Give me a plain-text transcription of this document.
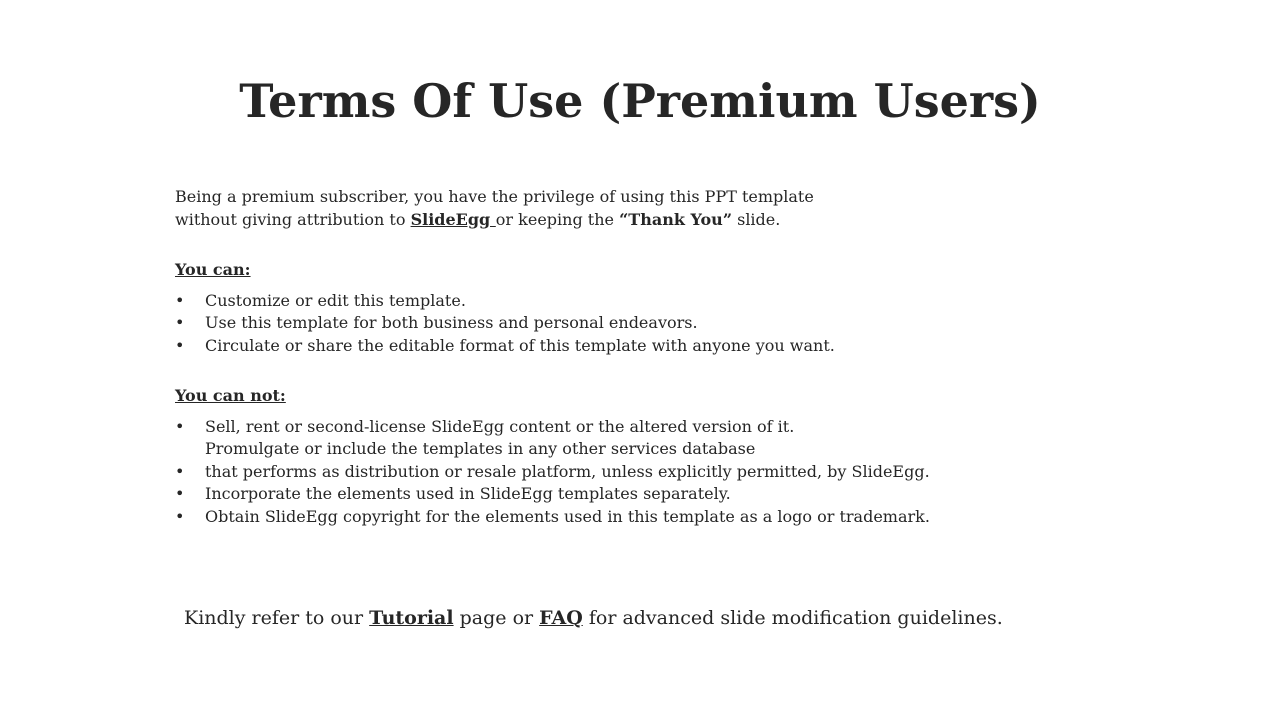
Terms Of Use (Premium Users)

Being a premium subscriber, you have the privilege of using this PPT template
without giving attribution to SlideEgg or keeping the “Thank You” slide.

You can:

• Customize or edit this template.
• Use this template for both business and personal endeavors.
• Circulate or share the editable format of this template with anyone you want.

You can not:

• Sell, rent or second-license SlideEgg content or the altered version of it.
Promulgate or include the templates in any other services database
• that performs as distribution or resale platform, unless explicitly permitted, by SlideEgg.
• Incorporate the elements used in SlideEgg templates separately.
• Obtain SlideEgg copyright for the elements used in this template as a logo or trademark.
Kindly refer to our Tutorial page or FAQ for advanced slide modification guidelines.
